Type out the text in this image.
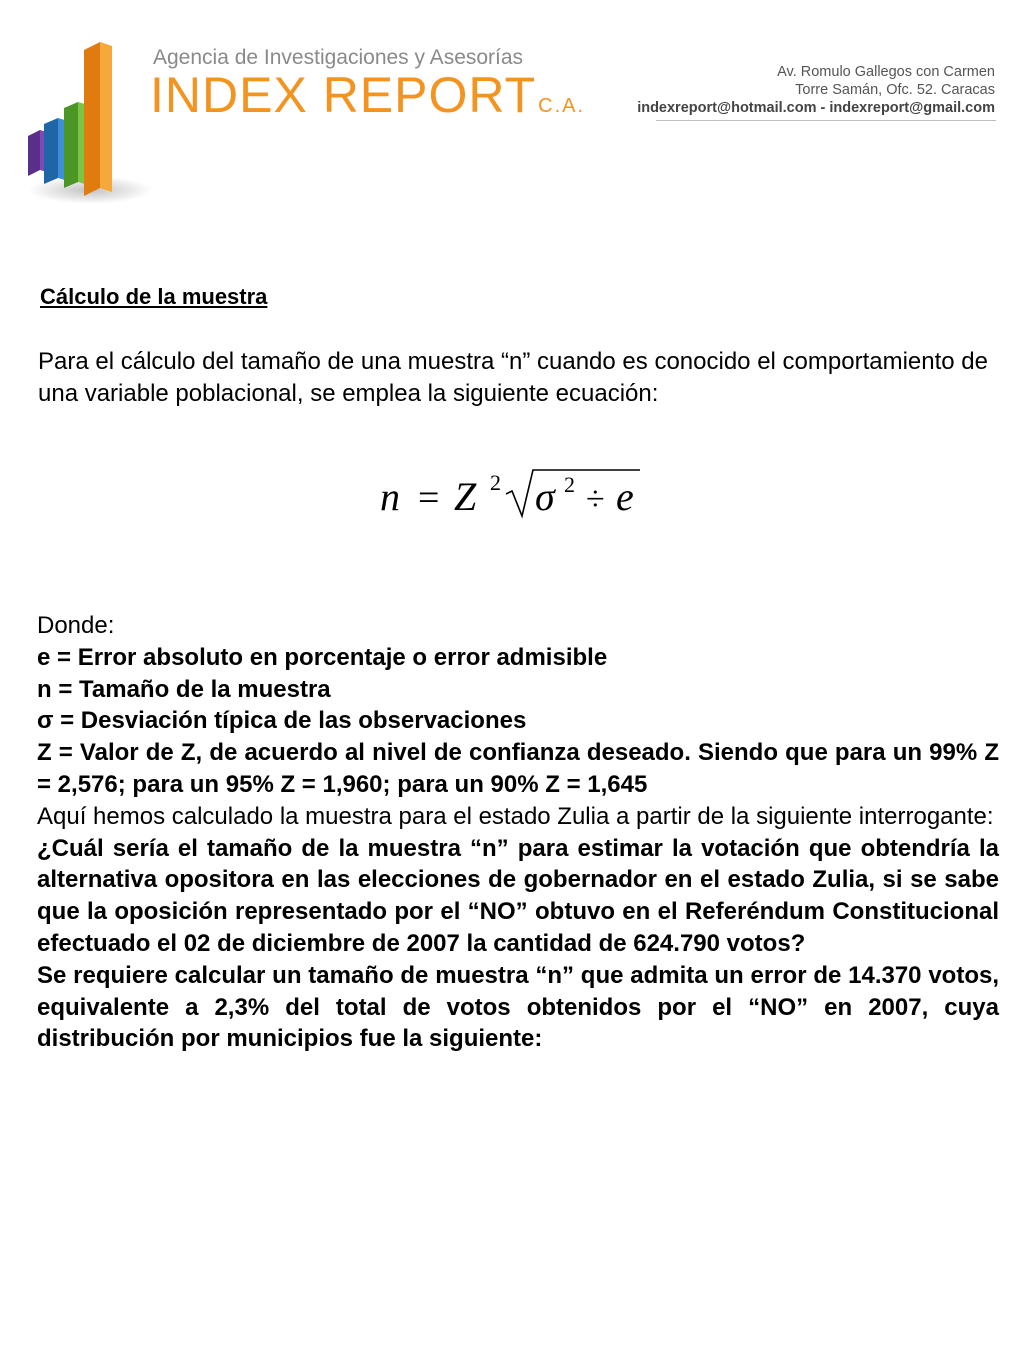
Agencia de Investigaciones y Asesorías
INDEX REPORT C.A.
Av. Romulo Gallegos con Carmen
Torre Samán, Ofc. 52. Caracas
indexreport@hotmail.com - indexreport@gmail.com
Cálculo de la muestra

Para el cálculo del tamaño de una muestra “n” cuando es conocido el comportamiento de una variable poblacional, se emplea la siguiente ecuación:

n = Z 2 σ 2 ÷ e

Donde:

e = Error absoluto en porcentaje o error admisible

n = Tamaño de la muestra

σ = Desviación típica de las observaciones

Z = Valor de Z, de acuerdo al nivel de confianza deseado. Siendo que para un 99% Z = 2,576; para un 95% Z = 1,960; para un 90% Z = 1,645

Aquí hemos calculado la muestra para el estado Zulia a partir de la siguiente interrogante:

¿Cuál sería el tamaño de la muestra “n” para estimar la votación que obtendría la alternativa opositora en las elecciones de gobernador en el estado Zulia, si se sabe que la oposición representado por el “NO” obtuvo en el Referéndum Constitucional efectuado el 02 de diciembre de 2007 la cantidad de 624.790 votos?

Se requiere calcular un tamaño de muestra “n” que admita un error de 14.370 votos, equivalente a 2,3% del total de votos obtenidos por el “NO” en 2007, cuya distribución por municipios fue la siguiente:
